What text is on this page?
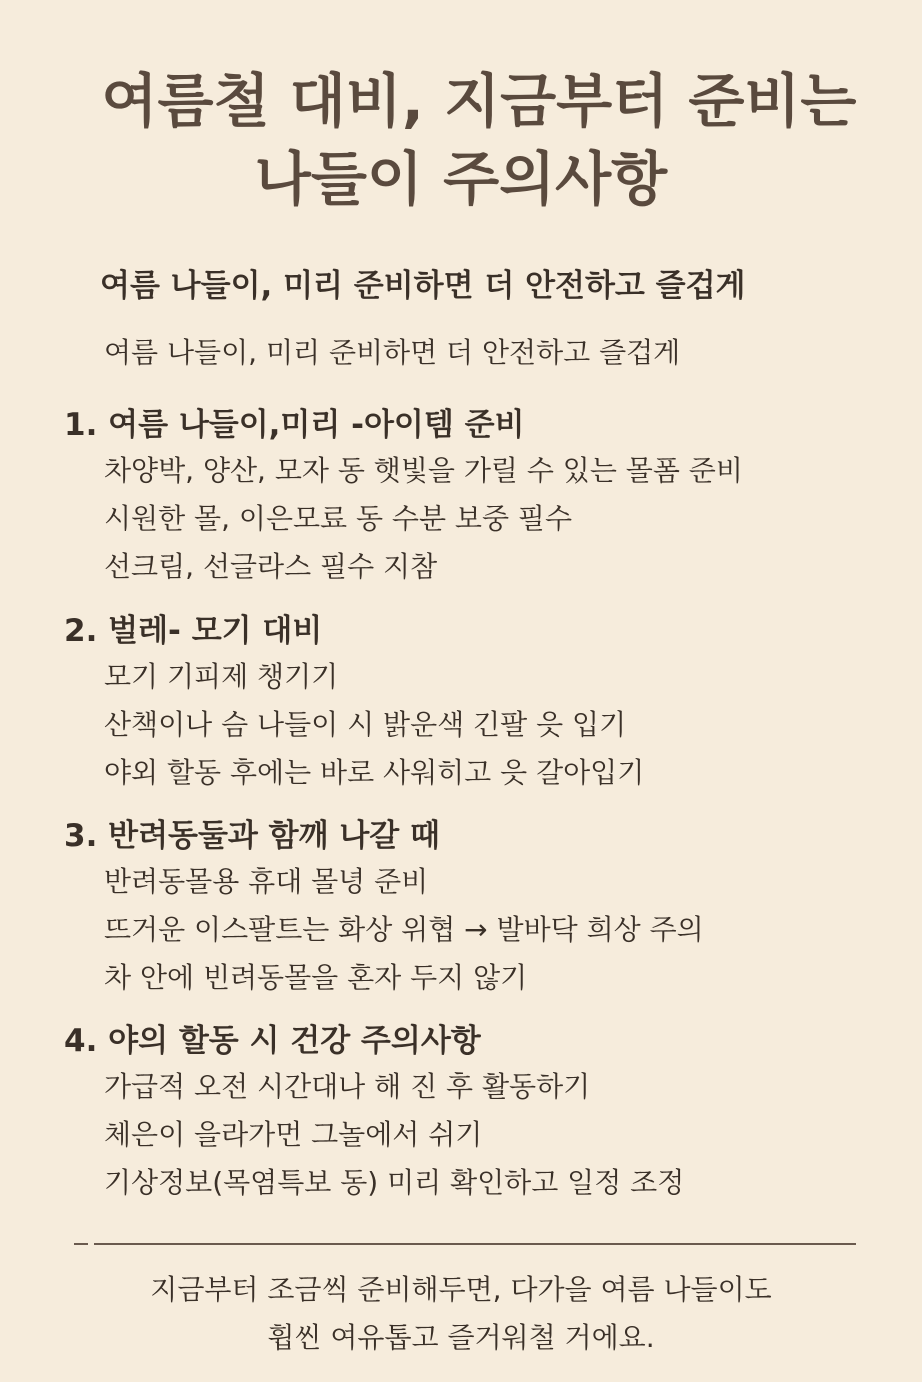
여름철 대비, 지금부터 준비는
나들이 주의사항
여름 나들이, 미리 준비하면 더 안전하고 즐겁게
여름 나들이, 미리 준비하면 더 안전하고 즐겁게
1. 여름 나들이,미리 -아이템 준비
차양박, 양산, 모자 동 햇빛을 가릴 수 있는 몰폼 준비
시원한 몰, 이은모료 동 수분 보중 필수
선크림, 선글라스 필수 지참
2. 벌레- 모기 대비
모기 기피제 챙기기
산책이나 슴 나들이 시 밝운색 긴팔 읏 입기
야외 할동 후에는 바로 사워히고 읏 갈아입기
3. 반려동둘과 함깨 나갈 때
반려동몰용 휴대 몰녕 준비
뜨거운 이스팔트는 화상 위협 → 발바닥 희상 주의
차 안에 빈려동몰을 혼자 두지 않기
4. 야의 할동 시 건강 주의사항
가급적 오전 시간대나 해 진 후 활동하기
체은이 을라가먼 그놀에서 쉬기
기상정보(목염특보 동) 미리 확인하고 일정 조정
지금부터 조금씩 준비해두면, 다가을 여름 나들이도
휩씬 여유톱고 즐거워철 거에요.
